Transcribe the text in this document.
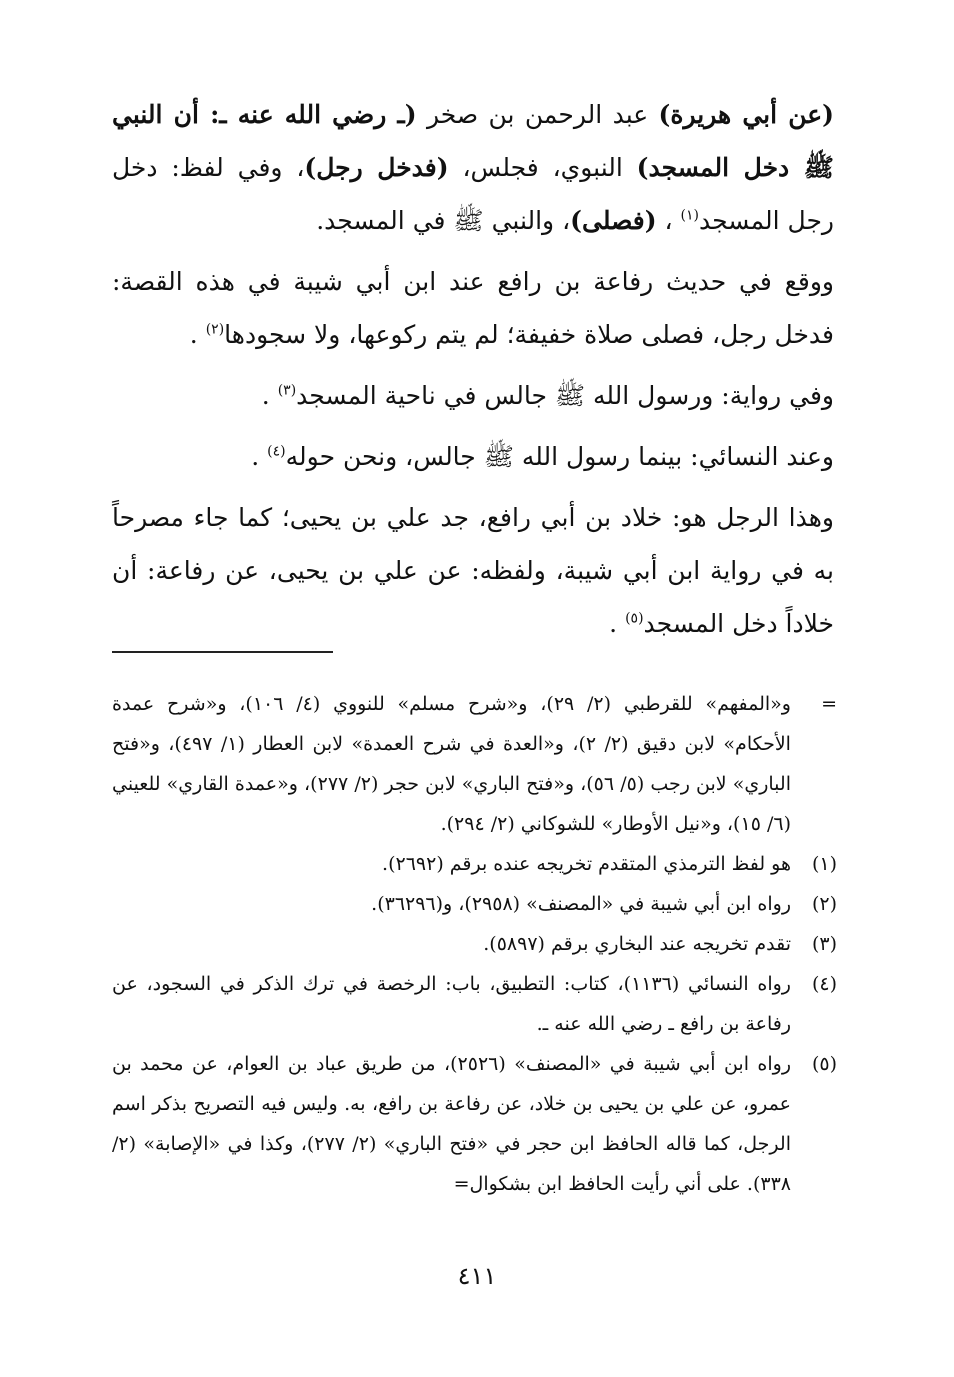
(عن أبي هريرة) عبد الرحمن بن صخر (ـ رضي الله عنه ـ: أن النبي ﷺ دخل المسجد) النبوي، فجلس، (فدخل رجل)، وفي لفظ: دخل رجل المسجد$^{(١)}$ ، (فصلى)، والنبي ﷺ في المسجد.

ووقع في حديث رفاعة بن رافع عند ابن أبي شيبة في هذه القصة: فدخل رجل، فصلى صلاة خفيفة؛ لم يتم ركوعها، ولا سجودها$^{(٢)}$ .

وفي رواية: ورسول الله ﷺ جالس في ناحية المسجد$^{(٣)}$ .

وعند النسائي: بينما رسول الله ﷺ جالس، ونحن حوله$^{(٤)}$ .

وهذا الرجل هو: خلاد بن أبي رافع، جد علي بن يحيى؛ كما جاء مصرحاً به في رواية ابن أبي شيبة، ولفظه: عن علي بن يحيى، عن رفاعة: أن خلاداً دخل المسجد$^{(٥)}$ .

=
و«المفهم» للقرطبي (٢/ ٢٩)، و«شرح مسلم» للنووي (٤/ ١٠٦)، و«شرح عمدة الأحكام» لابن دقيق (٢/ ٢)، و«العدة في شرح العمدة» لابن العطار (١/ ٤٩٧)، و«فتح الباري» لابن رجب (٥/ ٥٦)، و«فتح الباري» لابن حجر (٢/ ٢٧٧)، و«عمدة القاري» للعيني (٦/ ١٥)، و«نيل الأوطار» للشوكاني (٢/ ٢٩٤).
(١)
هو لفظ الترمذي المتقدم تخريجه عنده برقم (٢٦٩٢).
(٢)
رواه ابن أبي شيبة في «المصنف» (٢٩٥٨)، و(٣٦٢٩٦).
(٣)
تقدم تخريجه عند البخاري برقم (٥٨٩٧).
(٤)
رواه النسائي (١١٣٦)، كتاب: التطبيق، باب: الرخصة في ترك الذكر في السجود، عن رفاعة بن رافع ـ رضي الله عنه ـ.
(٥)
رواه ابن أبي شيبة في «المصنف» (٢٥٢٦)، من طريق عباد بن العوام، عن محمد بن عمرو، عن علي بن يحيى بن خلاد، عن رفاعة بن رافع، به. وليس فيه التصريح بذكر اسم الرجل، كما قاله الحافظ ابن حجر في «فتح الباري» (٢/ ٢٧٧)، وكذا في «الإصابة» (٢/ ٣٣٨). على أني رأيت الحافظ ابن بشكوال=
٤١١
